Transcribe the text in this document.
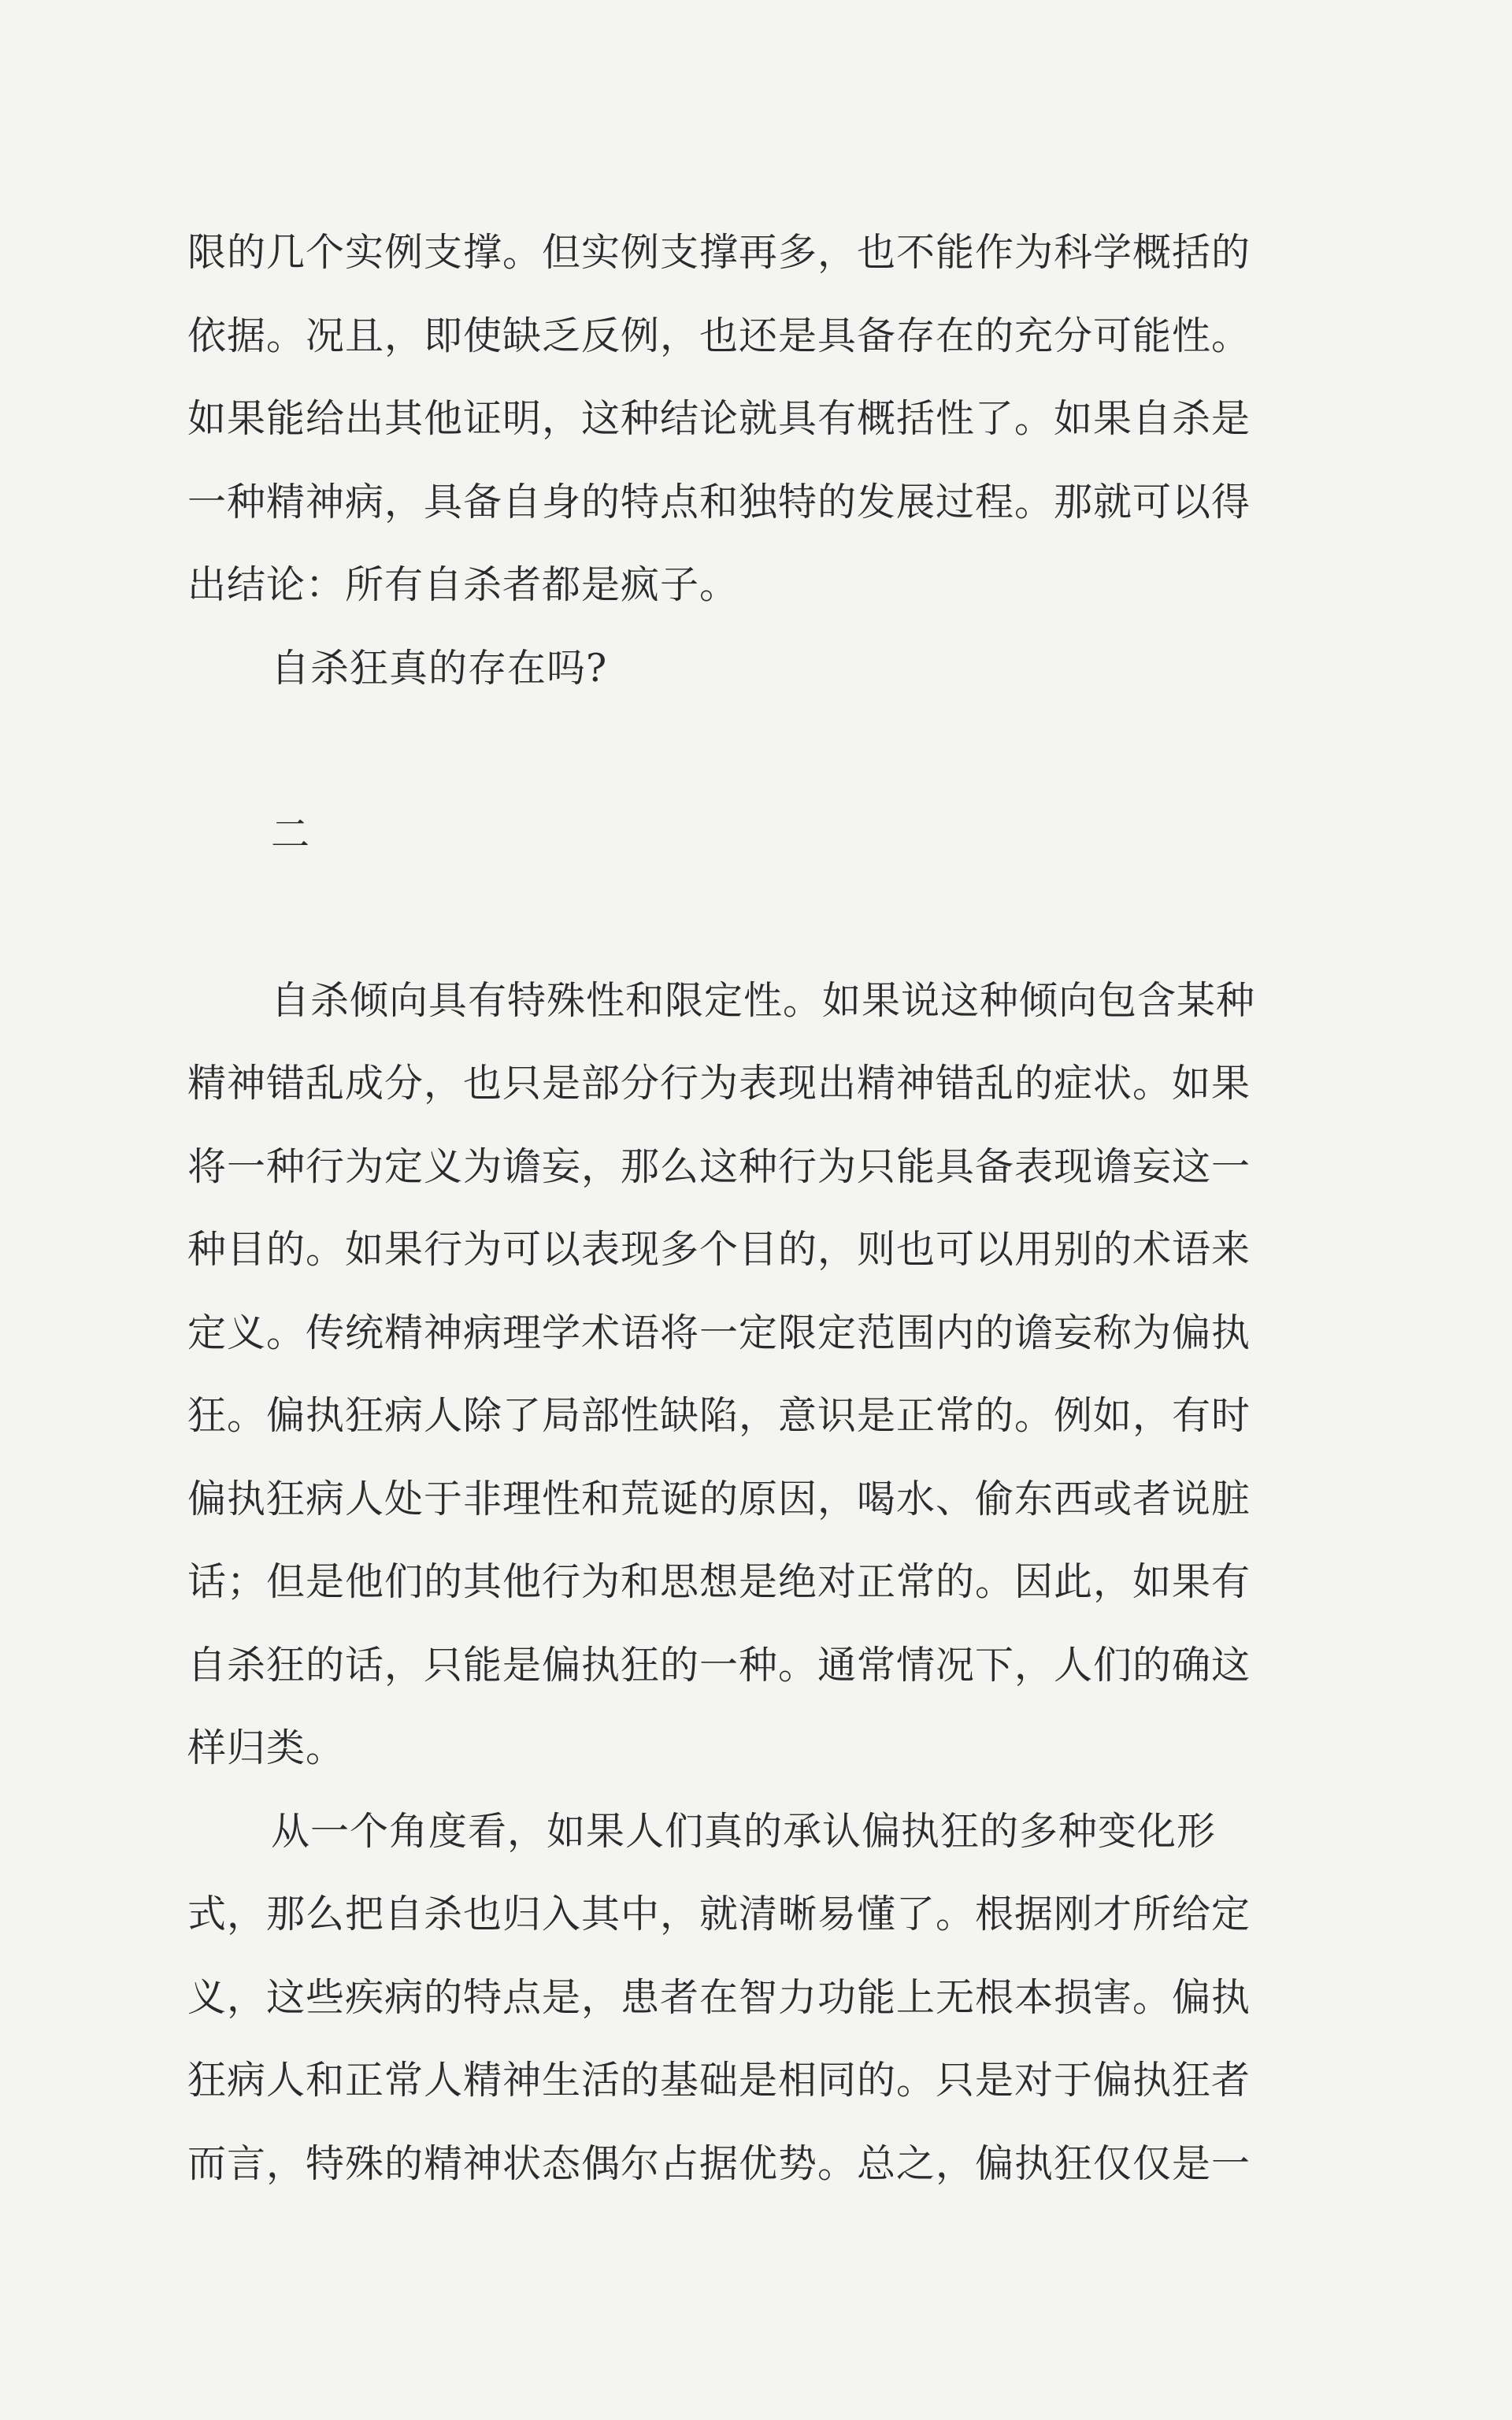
限的几个实例支撑。但实例支撑再多，也不能作为科学概括的
依据。况且，即使缺乏反例，也还是具备存在的充分可能性。
如果能给出其他证明，这种结论就具有概括性了。如果自杀是
一种精神病，具备自身的特点和独特的发展过程。那就可以得
出结论：所有自杀者都是疯子。
自杀狂真的存在吗?
二
自杀倾向具有特殊性和限定性。如果说这种倾向包含某种
精神错乱成分，也只是部分行为表现出精神错乱的症状。如果
将一种行为定义为谵妄，那么这种行为只能具备表现谵妄这一
种目的。如果行为可以表现多个目的，则也可以用别的术语来
定义。传统精神病理学术语将一定限定范围内的谵妄称为偏执
狂。偏执狂病人除了局部性缺陷，意识是正常的。例如，有时
偏执狂病人处于非理性和荒诞的原因，喝水、偷东西或者说脏
话；但是他们的其他行为和思想是绝对正常的。因此，如果有
自杀狂的话，只能是偏执狂的一种。通常情况下，人们的确这
样归类。
从一个角度看，如果人们真的承认偏执狂的多种变化形
式，那么把自杀也归入其中，就清晰易懂了。根据刚才所给定
义，这些疾病的特点是，患者在智力功能上无根本损害。偏执
狂病人和正常人精神生活的基础是相同的。只是对于偏执狂者
而言，特殊的精神状态偶尔占据优势。总之，偏执狂仅仅是一
